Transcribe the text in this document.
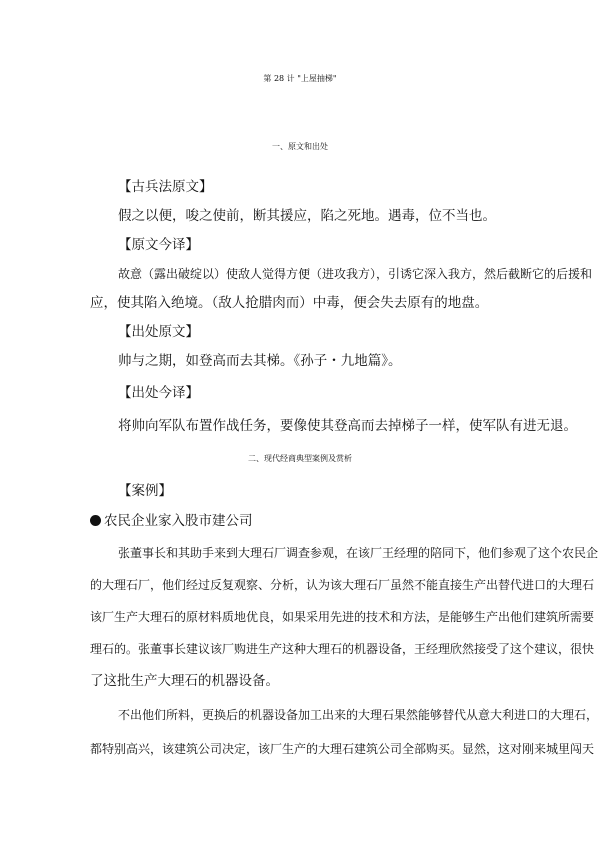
第 28 计 "上屋抽梯"
一、原文和出处
【古兵法原文】
假之以便，唆之使前，断其援应，陷之死地。遇毒，位不当也。
【原文今译】
故意（露出破绽以）使敌人觉得方便（进攻我方），引诱它深入我方，然后截断它的后援和
应，使其陷入绝境。（敌人抢腊肉而）中毒，便会失去原有的地盘。
【出处原文】
帅与之期，如登高而去其梯。《孙子・九地篇》。
【出处今译】
将帅向军队布置作战任务，要像使其登高而去掉梯子一样，使军队有进无退。
二、现代经商典型案例及赏析
【案例】
农民企业家入股市建公司
张董事长和其助手来到大理石厂调查参观，在该厂王经理的陪同下，他们参观了这个农民企
的大理石厂，他们经过反复观察、分析，认为该大理石厂虽然不能直接生产出替代进口的大理石
该厂生产大理石的原材料质地优良，如果采用先进的技术和方法，是能够生产出他们建筑所需要
理石的。张董事长建议该厂购进生产这种大理石的机器设备，王经理欣然接受了这个建议，很快
了这批生产大理石的机器设备。
不出他们所料，更换后的机器设备加工出来的大理石果然能够替代从意大利进口的大理石，
都特别高兴，该建筑公司决定，该厂生产的大理石建筑公司全部购买。显然，这对刚来城里闯天
